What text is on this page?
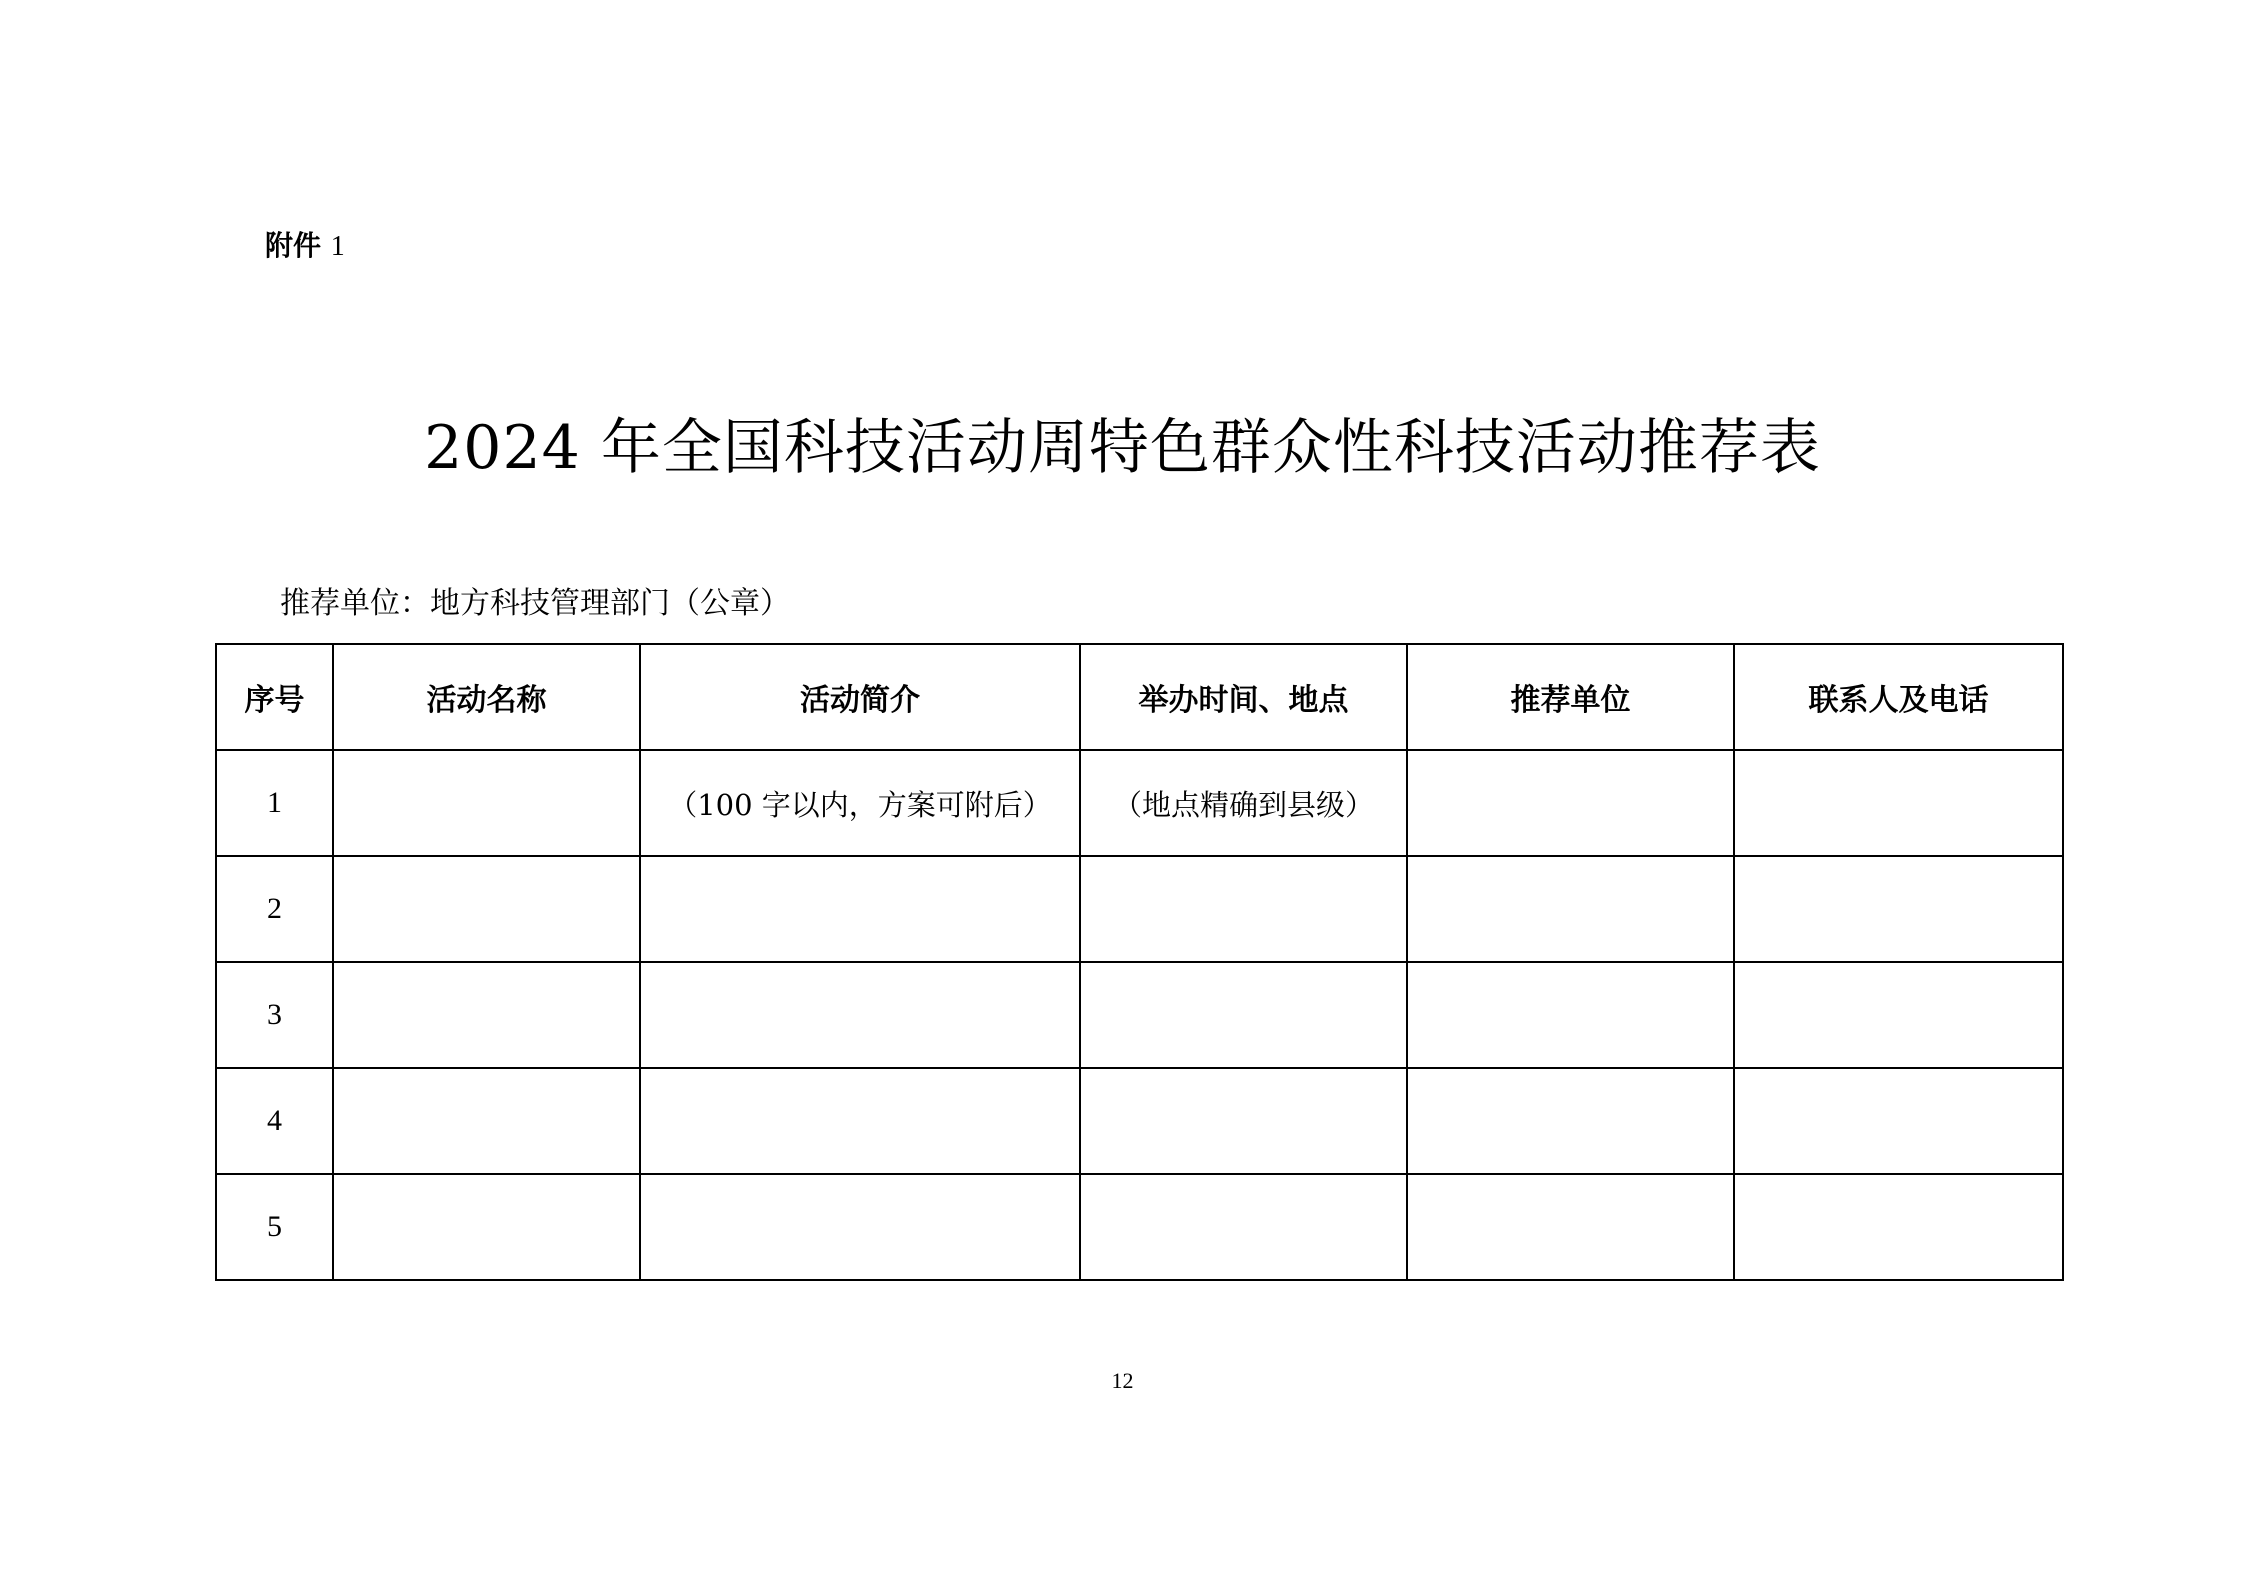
附件 1
2024 年全国科技活动周特色群众性科技活动推荐表
推荐单位：地方科技管理部门（公章）
序号	活动名称	活动简介	举办时间、地点	推荐单位	联系人及电话
1		（100 字以内，方案可附后）	（地点精确到县级）		
2					
3					
4					
5					
12
